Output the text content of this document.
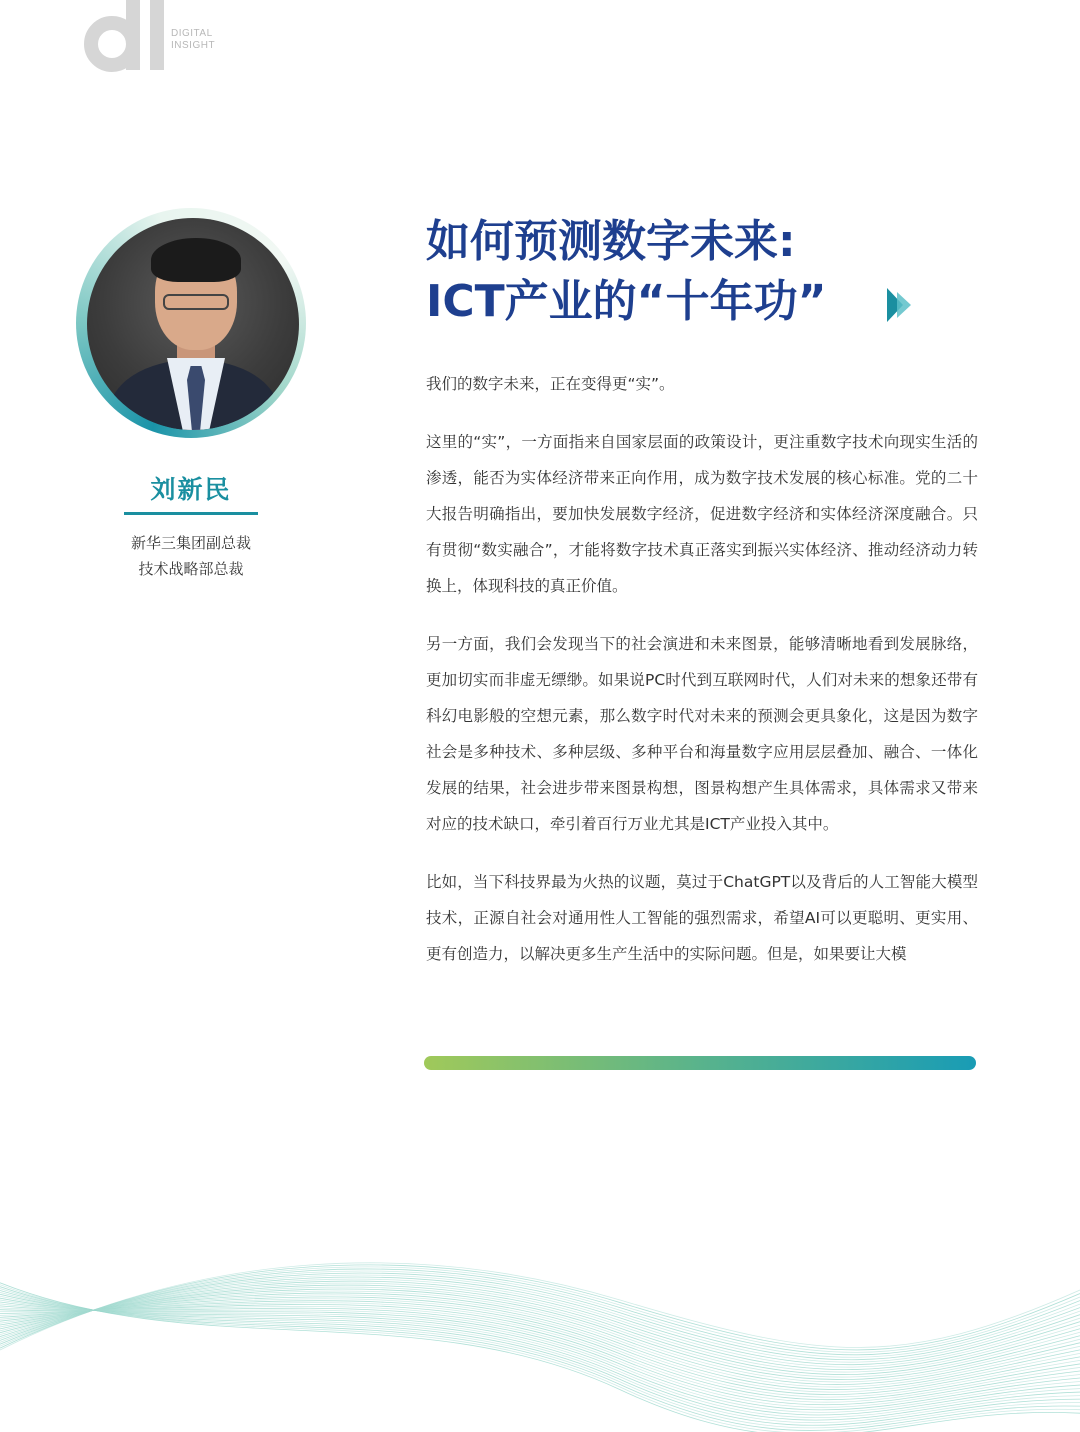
DIGITAL
INSIGHT
刘新民
新华三集团副总裁
技术战略部总裁
如何预测数字未来:
ICT产业的“十年功”

我们的数字未来，正在变得更“实”。

这里的“实”，一方面指来自国家层面的政策设计，更注重数字技术向现实生活的渗透，能否为实体经济带来正向作用，成为数字技术发展的核心标准。党的二十大报告明确指出，要加快发展数字经济，促进数字经济和实体经济深度融合。只有贯彻“数实融合”，才能将数字技术真正落实到振兴实体经济、推动经济动力转换上，体现科技的真正价值。

另一方面，我们会发现当下的社会演进和未来图景，能够清晰地看到发展脉络，更加切实而非虚无缥缈。如果说PC时代到互联网时代，人们对未来的想象还带有科幻电影般的空想元素，那么数字时代对未来的预测会更具象化，这是因为数字社会是多种技术、多种层级、多种平台和海量数字应用层层叠加、融合、一体化发展的结果，社会进步带来图景构想，图景构想产生具体需求，具体需求又带来对应的技术缺口，牵引着百行万业尤其是ICT产业投入其中。

比如，当下科技界最为火热的议题，莫过于ChatGPT以及背后的人工智能大模型技术，正源自社会对通用性人工智能的强烈需求，希望AI可以更聪明、更实用、更有创造力，以解决更多生产生活中的实际问题。但是，如果要让大模
